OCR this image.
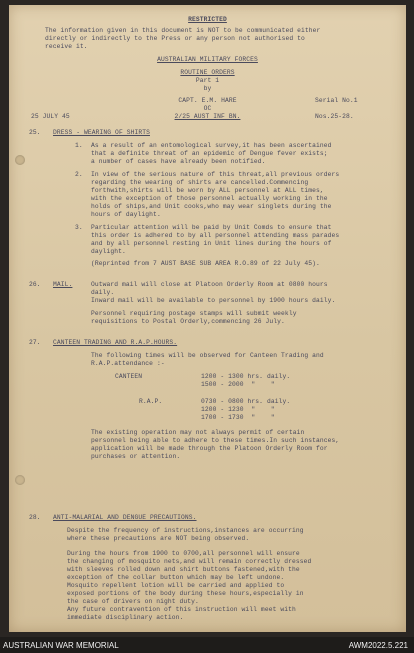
RESTRICTED
The information given in this document is NOT to be communicated either
directly or indirectly to the Press or any person not authorised to
receive it.
AUSTRALIAN MILITARY FORCES
ROUTINE ORDERS
Part 1
by
CAPT. E.M. HARE	Serial No.1
OC
25 JULY 45	2/25 AUST INF BN.	Nos.25-28.
25. DRESS - WEARING OF SHIRTS
1. As a result of an entomological survey,it has been ascertained
that a definite threat of an epidemic of Dengue fever exists;
a number of cases have already been notified.
2. In view of the serious nature of this threat,all previous orders
regarding the wearing of shirts are cancelled.Commencing
forthwith,shirts will be worn by ALL personnel at ALL times,
with the exception of those personnel actually working in the
holds of ships,and Unit cooks,who may wear singlets during the
hours of daylight.
3. Particular attention will be paid by Unit Comds to ensure that
this order is adhered to by all personnel attending mass parades
and by all personnel resting in Unit lines during the hours of
daylight.
(Reprinted from 7 AUST BASE SUB AREA R.O.89 of 22 July 45).
26. MAIL.	Outward mail will close at Platoon Orderly Room at 0800 hours
daily.
Inward mail will be available to personnel by 1900 hours daily.
Personnel requiring postage stamps will submit weekly
requisitions to Postal Orderly,commencing 26 July.
27. CANTEEN TRADING AND R.A.P.HOURS.
The following times will be observed for Canteen Trading and
R.A.P.attendance :-
CANTEEN	1200 - 1300 hrs. daily.
1500 - 2000  "    "
R.A.P.	0730 - 0800 hrs. daily.
1200 - 1230  "    "
1700 - 1730  "    "
The existing operation may not always permit of certain
personnel being able to adhere to these times.In such instances,
application will be made through the Platoon Orderly Room for
purchases or attention.
28. ANTI-MALARIAL AND DENGUE PRECAUTIONS.
Despite the frequency of instructions,instances are occurring
where these precautions are NOT being observed.
During the hours from 1900 to 0700,all personnel will ensure
the changing of mosquito nets,and will remain correctly dressed
with sleeves rolled down and shirt buttons fastened,with the
exception of the collar button which may be left undone.
Mosquito repellent lotion will be carried and applied to
exposed portions of the body during these hours,especially in
the case of drivers on night duty.
Any future contravention of this instruction will meet with
immediate disciplinary action.
AUSTRALIAN WAR MEMORIAL	AWM2022.5.221
